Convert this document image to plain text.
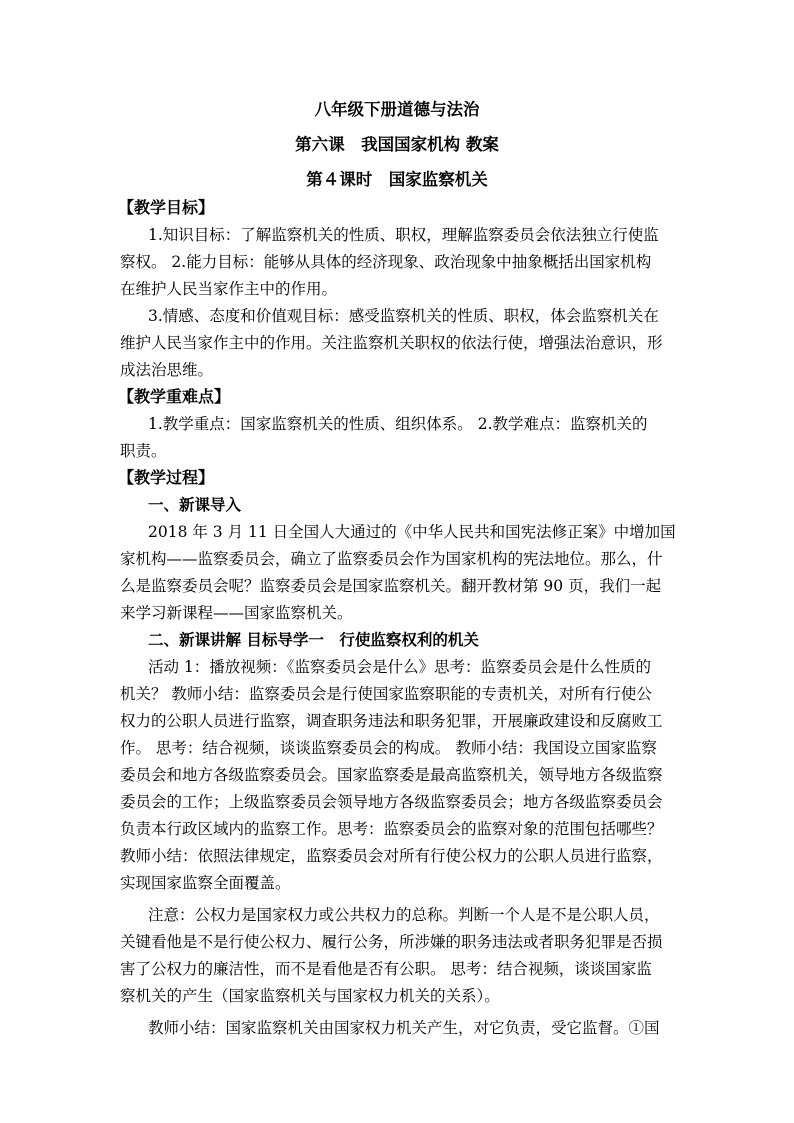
八年级下册道德与法治
第六课　我国国家机构 教案
第４课时　国家监察机关
【教学目标】
1.知识目标：了解监察机关的性质、职权，理解监察委员会依法独立行使监
察权。 2.能力目标：能够从具体的经济现象、政治现象中抽象概括出国家机构
在维护人民当家作主中的作用。
3.情感、态度和价值观目标：感受监察机关的性质、职权，体会监察机关在
维护人民当家作主中的作用。关注监察机关职权的依法行使，增强法治意识，形
成法治思维。
【教学重难点】
1.教学重点：国家监察机关的性质、组织体系。 2.教学难点：监察机关的
职责。
【教学过程】
一、新课导入
2018 年 3 月 11 日全国人大通过的《中华人民共和国宪法修正案》中增加国
家机构——监察委员会，确立了监察委员会作为国家机构的宪法地位。那么，什
么是监察委员会呢？监察委员会是国家监察机关。翻开教材第 90 页，我们一起
来学习新课程——国家监察机关。
二、新课讲解 目标导学一　行使监察权利的机关
活动 1：播放视频：《监察委员会是什么》思考：监察委员会是什么性质的
机关？ 教师小结：监察委员会是行使国家监察职能的专责机关，对所有行使公
权力的公职人员进行监察，调查职务违法和职务犯罪，开展廉政建设和反腐败工
作。 思考：结合视频，谈谈监察委员会的构成。 教师小结：我国设立国家监察
委员会和地方各级监察委员会。国家监察委是最高监察机关，领导地方各级监察
委员会的工作；上级监察委员会领导地方各级监察委员会；地方各级监察委员会
负责本行政区域内的监察工作。思考：监察委员会的监察对象的范围包括哪些？
教师小结：依照法律规定，监察委员会对所有行使公权力的公职人员进行监察，
实现国家监察全面覆盖。
注意：公权力是国家权力或公共权力的总称。判断一个人是不是公职人员，
关键看他是不是行使公权力、履行公务，所涉嫌的职务违法或者职务犯罪是否损
害了公权力的廉洁性，而不是看他是否有公职。 思考：结合视频，谈谈国家监
察机关的产生（国家监察机关与国家权力机关的关系）。
教师小结：国家监察机关由国家权力机关产生，对它负责，受它监督。①国
